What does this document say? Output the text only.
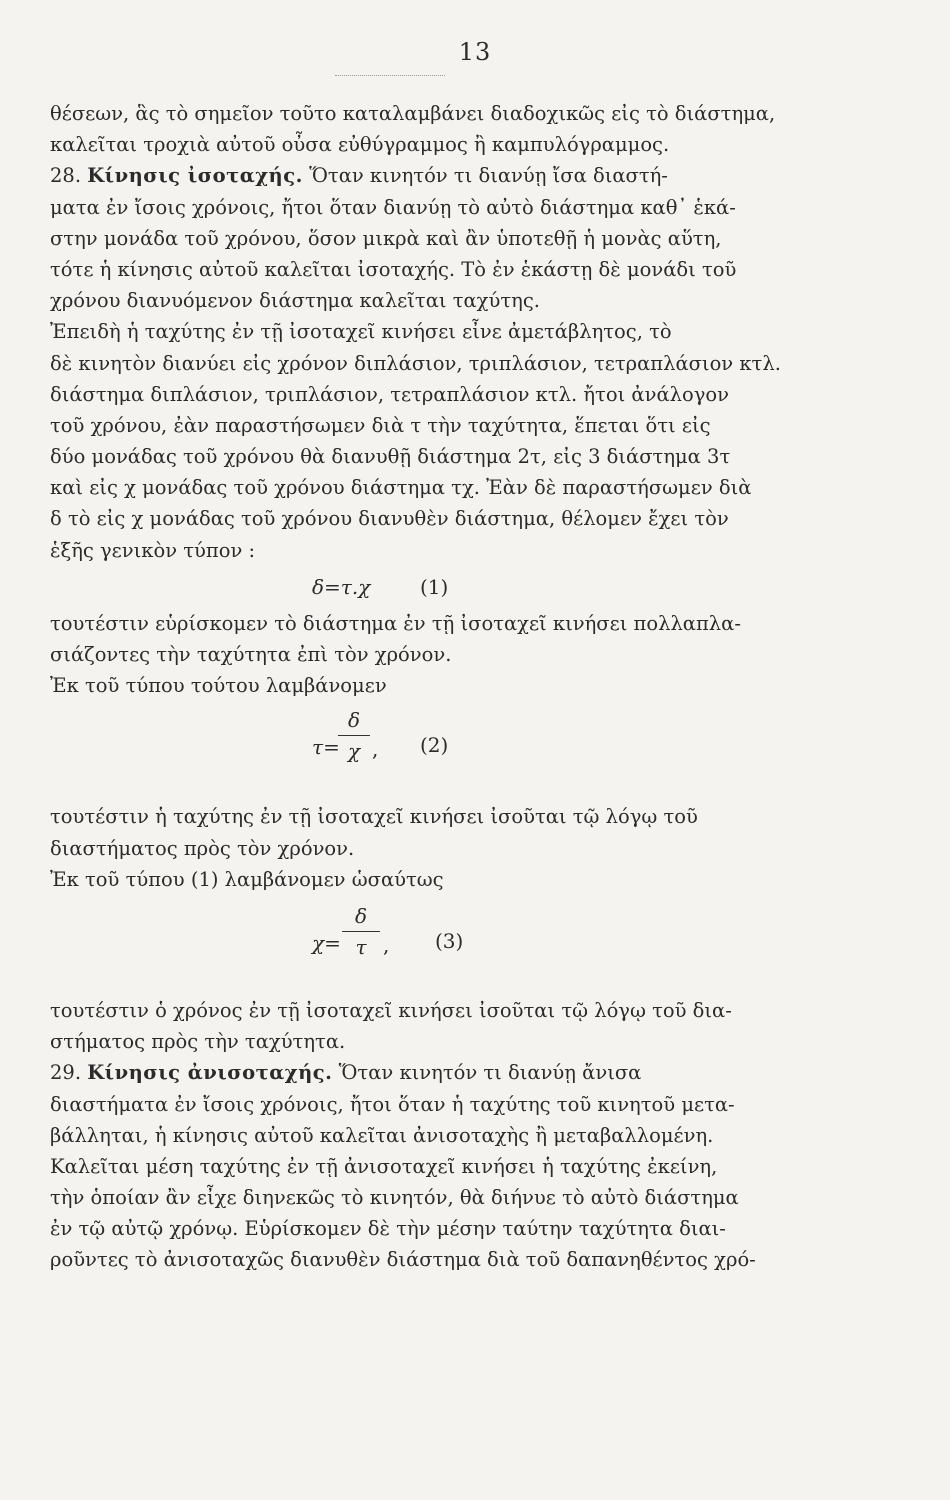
13
θέσεων, ἃς τὸ σημεῖον τοῦτο καταλαμβάνει διαδοχικῶς εἰς τὸ διάστημα,
καλεῖται τροχιὰ αὐτοῦ οὖσα εὐθύγραμμος ἢ καμπυλόγραμμος.
28. Κίνησις ἰσοταχής. Ὅταν κινητόν τι διανύῃ ἴσα διαστή-
ματα ἐν ἴσοις χρόνοις, ἤτοι ὅταν διανύῃ τὸ αὐτὸ διάστημα καθ᾽ ἑκά-
στην μονάδα τοῦ χρόνου, ὅσον μικρὰ καὶ ἂν ὑποτεθῇ ἡ μονὰς αὕτη,
τότε ἡ κίνησις αὐτοῦ καλεῖται ἰσοταχής. Τὸ ἐν ἑκάστῃ δὲ μονάδι τοῦ
χρόνου διανυόμενον διάστημα καλεῖται ταχύτης.
Ἐπειδὴ ἡ ταχύτης ἐν τῇ ἰσοταχεῖ κινήσει εἶνε ἀμετάβλητος, τὸ
δὲ κινητὸν διανύει εἰς χρόνον διπλάσιον, τριπλάσιον, τετραπλάσιον κτλ.
διάστημα διπλάσιον, τριπλάσιον, τετραπλάσιον κτλ. ἤτοι ἀνάλογον
τοῦ χρόνου, ἐὰν παραστήσωμεν διὰ τ τὴν ταχύτητα, ἕπεται ὅτι εἰς
δύο μονάδας τοῦ χρόνου θὰ διανυθῇ διάστημα 2τ, εἰς 3 διάστημα 3τ
καὶ εἰς χ μονάδας τοῦ χρόνου διάστημα τχ. Ἐὰν δὲ παραστήσωμεν διὰ
δ τὸ εἰς χ μονάδας τοῦ χρόνου διανυθὲν διάστημα, θέλομεν ἔχει τὸν
ἑξῆς γενικὸν τύπον :
δ=τ.χ (1)
τουτέστιν εὑρίσκομεν τὸ διάστημα ἐν τῇ ἰσοταχεῖ κινήσει πολλαπλα-
σιάζοντες τὴν ταχύτητα ἐπὶ τὸν χρόνον.
Ἐκ τοῦ τύπου τούτου λαμβάνομεν
τ=
δ
χ , (2)
τουτέστιν ἡ ταχύτης ἐν τῇ ἰσοταχεῖ κινήσει ἰσοῦται τῷ λόγῳ τοῦ
διαστήματος πρὸς τὸν χρόνον.
Ἐκ τοῦ τύπου (1) λαμβάνομεν ὡσαύτως
χ=
δ
τ , (3)
τουτέστιν ὁ χρόνος ἐν τῇ ἰσοταχεῖ κινήσει ἰσοῦται τῷ λόγῳ τοῦ δια-
στήματος πρὸς τὴν ταχύτητα.
29. Κίνησις ἀνισοταχής. Ὅταν κινητόν τι διανύῃ ἄνισα
διαστήματα ἐν ἴσοις χρόνοις, ἤτοι ὅταν ἡ ταχύτης τοῦ κινητοῦ μετα-
βάλληται, ἡ κίνησις αὐτοῦ καλεῖται ἀνισοταχὴς ἢ μεταβαλλομένη.
Καλεῖται μέση ταχύτης ἐν τῇ ἀνισοταχεῖ κινήσει ἡ ταχύτης ἐκείνη,
τὴν ὁποίαν ἂν εἶχε διηνεκῶς τὸ κινητόν, θὰ διήνυε τὸ αὐτὸ διάστημα
ἐν τῷ αὐτῷ χρόνῳ. Εὑρίσκομεν δὲ τὴν μέσην ταύτην ταχύτητα διαι-
ροῦντες τὸ ἀνισοταχῶς διανυθὲν διάστημα διὰ τοῦ δαπανηθέντος χρό-
